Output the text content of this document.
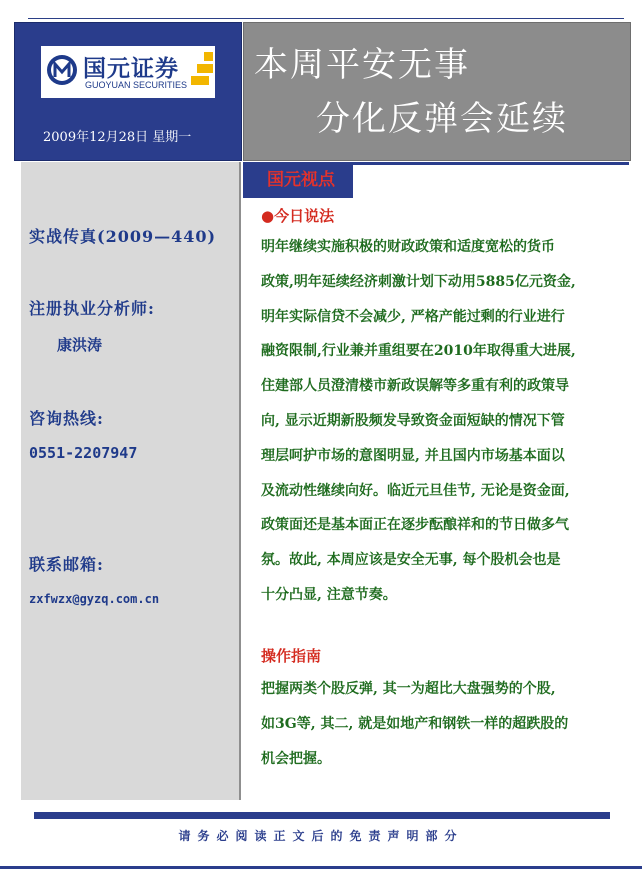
国元证券
GUOYUAN SECURITIES
2009年12月28日 星期一
本周平安无事
分化反弹会延续
实战传真(2009—440)
注册执业分析师:
康洪涛
咨询热线:
0551-2207947
联系邮箱:
zxfwzx@gyzq.com.cn
国元视点
●今日说法
明年继续实施积极的财政政策和适度宽松的货币
政策,明年延续经济刺激计划下动用5885亿元资金,
明年实际信贷不会减少, 严格产能过剩的行业进行
融资限制,行业兼并重组要在2010年取得重大进展,
住建部人员澄清楼市新政误解等多重有利的政策导
向, 显示近期新股频发导致资金面短缺的情况下管
理层呵护市场的意图明显, 并且国内市场基本面以
及流动性继续向好。临近元旦佳节, 无论是资金面,
政策面还是基本面正在逐步酝酿祥和的节日做多气
氛。故此, 本周应该是安全无事, 每个股机会也是
十分凸显, 注意节奏。
操作指南
把握两类个股反弹, 其一为超比大盘强势的个股,
如3G等, 其二, 就是如地产和钢铁一样的超跌股的
机会把握。
请务必阅读正文后的免责声明部分
